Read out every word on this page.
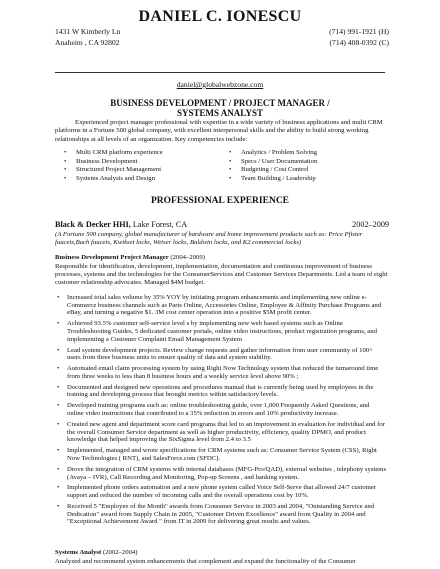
DANIEL C. IONESCU
1431 W Kimberly Ln	(714) 991-1921 (H)
Anaheim , CA 92802	(714) 408-0392 (C)
daniel@globalwebzone.com
BUSINESS DEVELOPMENT / PROJECT MANAGER /
SYSTEMS ANALYST
Experienced project manager professional with expertise in a wide variety of business applications and multi CRM platforms in a Fortune 500 global company, with excellent interpersonal skills and the ability to build strong working relationships at all levels of an organization. Key competencies include:
• Multi CRM platform experience
• Business Development
• Structured Project Management
• Systems Analysis and Design
• Analytics / Problem Solving
• Specs / User Documentation
• Budgeting / Cost Control
• Team Building / Leadership
PROFESSIONAL EXPERIENCE
Black & Decker HHI, Lake Forest, CA	2002–2009
(A Fortune 500 company, global manufacturer of hardware and home improvement products such as: Price Pfister faucets,Bach faucets, Kwikset locks, Weiser locks, Baldwin locks, and K2 commercial locks)
Business Development Project Manager (2004–2009)
Responsible for identification, development, implementation, documentation and continuous improvement of business processes, systems and the technologies for the ConsumerServices and Customer Services Departments. Led a team of eight customer relationship advocates. Managed $4M budget.
• Increased total sales volume by 35% YOY by initiating program enhancements and implementing new online e-Commerce business channels such as Parts Online, Accessories Online, Employee & Affinity Purchase Programs and eBay, and turning a negative $1. 3M cost center operation into a positive $5M profit center.
• Achieved 93.5% customer self-service level s by implementing new web based systems such as Online Troubleshooting Guides, 5 dedicated customer portals, online video instructions, product registration programs, and implementing a Customer Complaint Email Management System
• Lead system development projects. Review change requests and gather information from user community of 100+ users from three business units to ensure quality of data and system stability.
• Automated email claim processing system by using Right Now Technology system that reduced the turnaround time from three weeks to less than 8 business hours and a weekly service level above 90% ;
• Documented and designed new operations and procedures manual that is currently being used by employees in the training and developing process that brought metrics within satisfactory levels.
• Developed training programs such as: online troubleshooting guide, over 1,000 Frequently Asked Questions, and online video instructions that contributed to a 35% reduction in errors and 10% productivity increase.
• Created new agent and department score card programs that led to an improvement in evaluation for individual and for the overall Consumer Service department as well as higher productivity, efficiency, quality DPMO, and product knowledge that helped improving the SixSigma level from 2.4 to 3.5
• Implemented, managed and wrote specifications for CRM systems such as: Consumer Service System (CSS), Right Now Technologies ( RNT), and SalesForce.com (SFDC).
• Drove the integration of CRM systems with internal databases (MFG-Pro/QAD), external websites , telephony systems (Avaya – IVR), Call Recording and Monitoring, Pop-up Screens , and banking system.
• Implemented phone orders automation and a new phone system called Voice Self-Serve that allowed 24/7 customer support and reduced the number of incoming calls and the overall operations cost by 10%.
• Received 5 "Employee of the Month" awards from Consumer Service in 2003 and 2004, "Outstanding Service and Dedication" award from Supply Chain in 2005, "Customer Driven Excellence" award from Quality in 2004 and "Exceptional Achievement Award " from IT in 2009 for delivering great results and values.
Systems Analyst (2002–2004)
Analyzed and recommend system enhancements that complement and expand the functionality of the Consumer
